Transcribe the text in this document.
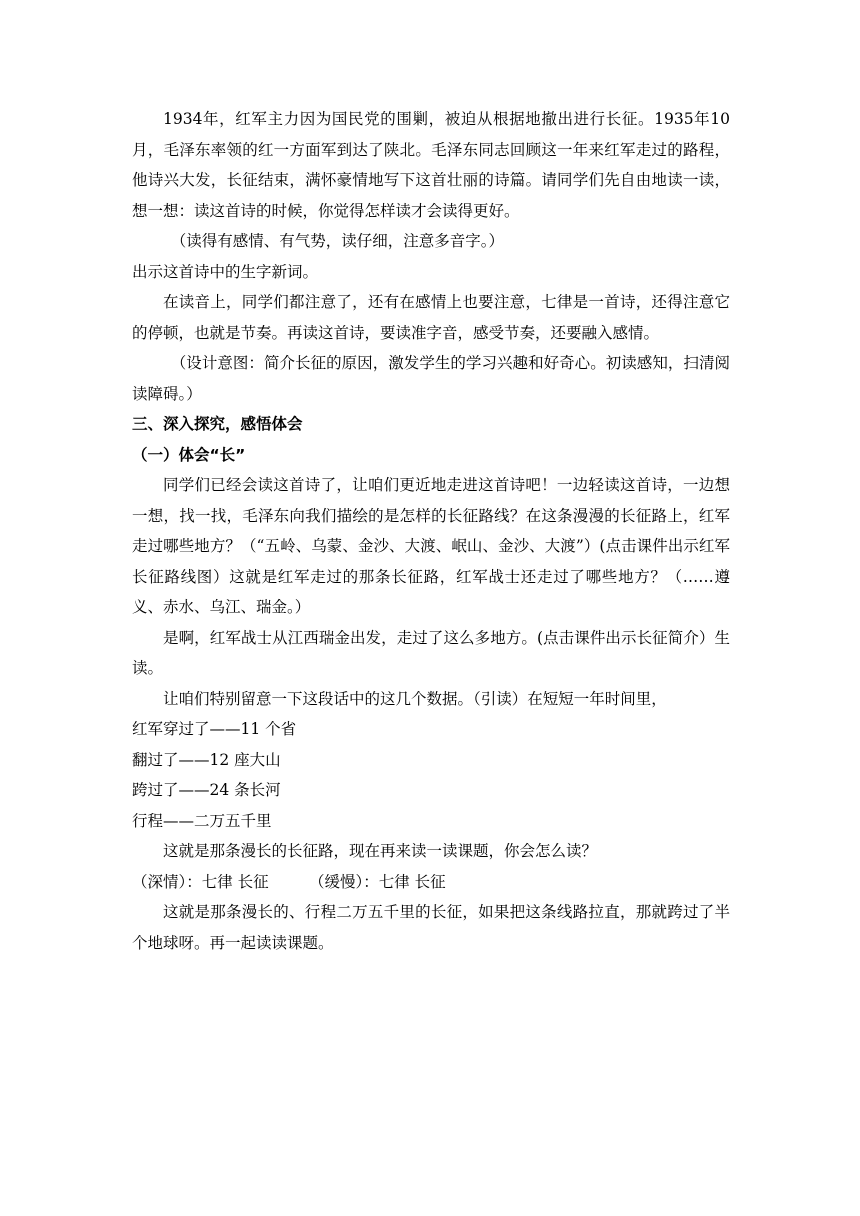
1934年，红军主力因为国民党的围剿，被迫从根据地撤出进行长征。1935年10月，毛泽东率领的红一方面军到达了陕北。毛泽东同志回顾这一年来红军走过的路程，他诗兴大发，长征结束，满怀豪情地写下这首壮丽的诗篇。请同学们先自由地读一读，想一想：读这首诗的时候，你觉得怎样读才会读得更好。

（读得有感情、有气势，读仔细，注意多音字。）

出示这首诗中的生字新词。

在读音上，同学们都注意了，还有在感情上也要注意，七律是一首诗，还得注意它的停顿，也就是节奏。再读这首诗，要读准字音，感受节奏，还要融入感情。

（设计意图：简介长征的原因，激发学生的学习兴趣和好奇心。初读感知，扫清阅读障碍。）

三、深入探究，感悟体会

（一）体会“长”

同学们已经会读这首诗了，让咱们更近地走进这首诗吧！一边轻读这首诗，一边想一想，找一找，毛泽东向我们描绘的是怎样的长征路线？在这条漫漫的长征路上，红军走过哪些地方？（“五岭、乌蒙、金沙、大渡、岷山、金沙、大渡”）(点击课件出示红军长征路线图）这就是红军走过的那条长征路，红军战士还走过了哪些地方？（……遵义、赤水、乌江、瑞金。）

是啊，红军战士从江西瑞金出发，走过了这么多地方。(点击课件出示长征简介）生读。

让咱们特别留意一下这段话中的这几个数据。（引读）在短短一年时间里，

红军穿过了——11 个省

翻过了——12 座大山

跨过了——24 条长河

行程——二万五千里

这就是那条漫长的长征路，现在再来读一读课题，你会怎么读？

（深情）：七律 长征	（缓慢）：七律 长征

这就是那条漫长的、行程二万五千里的长征，如果把这条线路拉直，那就跨过了半个地球呀。再一起读读课题。
